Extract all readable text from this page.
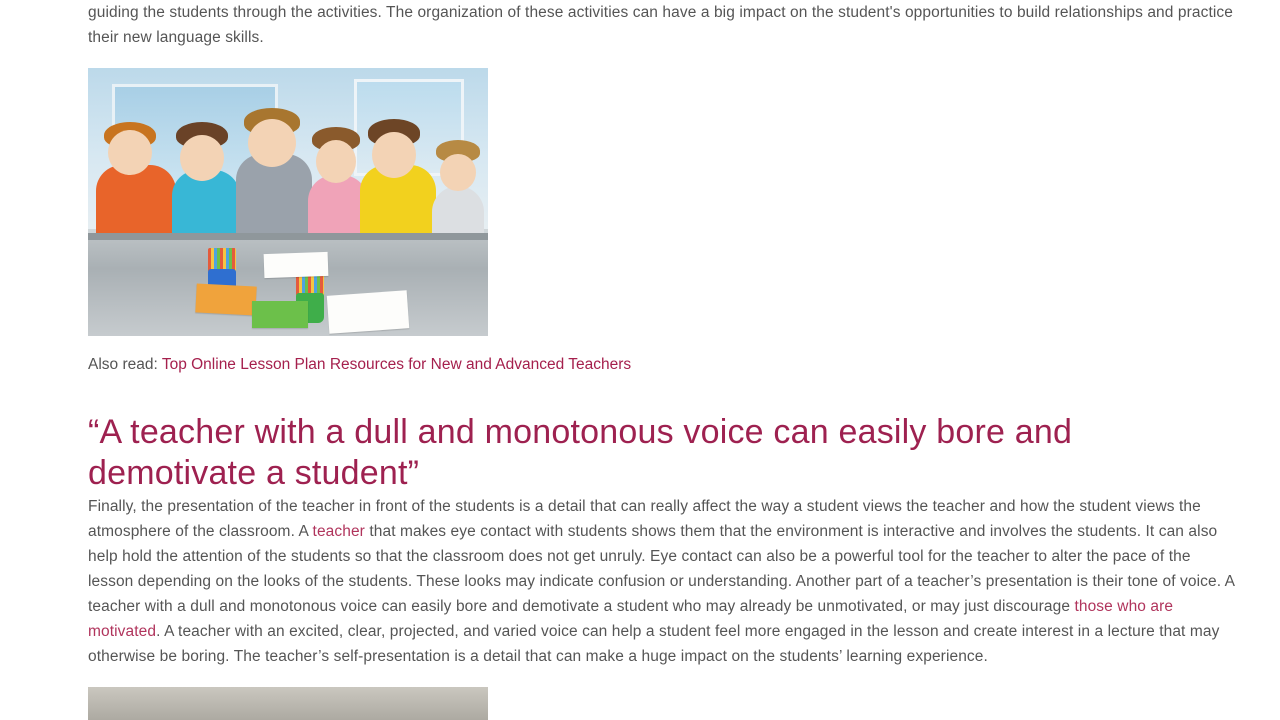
guiding the students through the activities. The organization of these activities can have a big impact on the student's opportunities to build relationships and practice their new language skills.

Also read: Top Online Lesson Plan Resources for New and Advanced Teachers
“A teacher with a dull and monotonous voice can easily bore and demotivate a student”

Finally, the presentation of the teacher in front of the students is a detail that can really affect the way a student views the teacher and how the student views the atmosphere of the classroom. A teacher that makes eye contact with students shows them that the environment is interactive and involves the students. It can also help hold the attention of the students so that the classroom does not get unruly. Eye contact can also be a powerful tool for the teacher to alter the pace of the lesson depending on the looks of the students. These looks may indicate confusion or understanding. Another part of a teacher’s presentation is their tone of voice. A teacher with a dull and monotonous voice can easily bore and demotivate a student who may already be unmotivated, or may just discourage those who are motivated. A teacher with an excited, clear, projected, and varied voice can help a student feel more engaged in the lesson and create interest in a lecture that may otherwise be boring. The teacher’s self-presentation is a detail that can make a huge impact on the students’ learning experience.
